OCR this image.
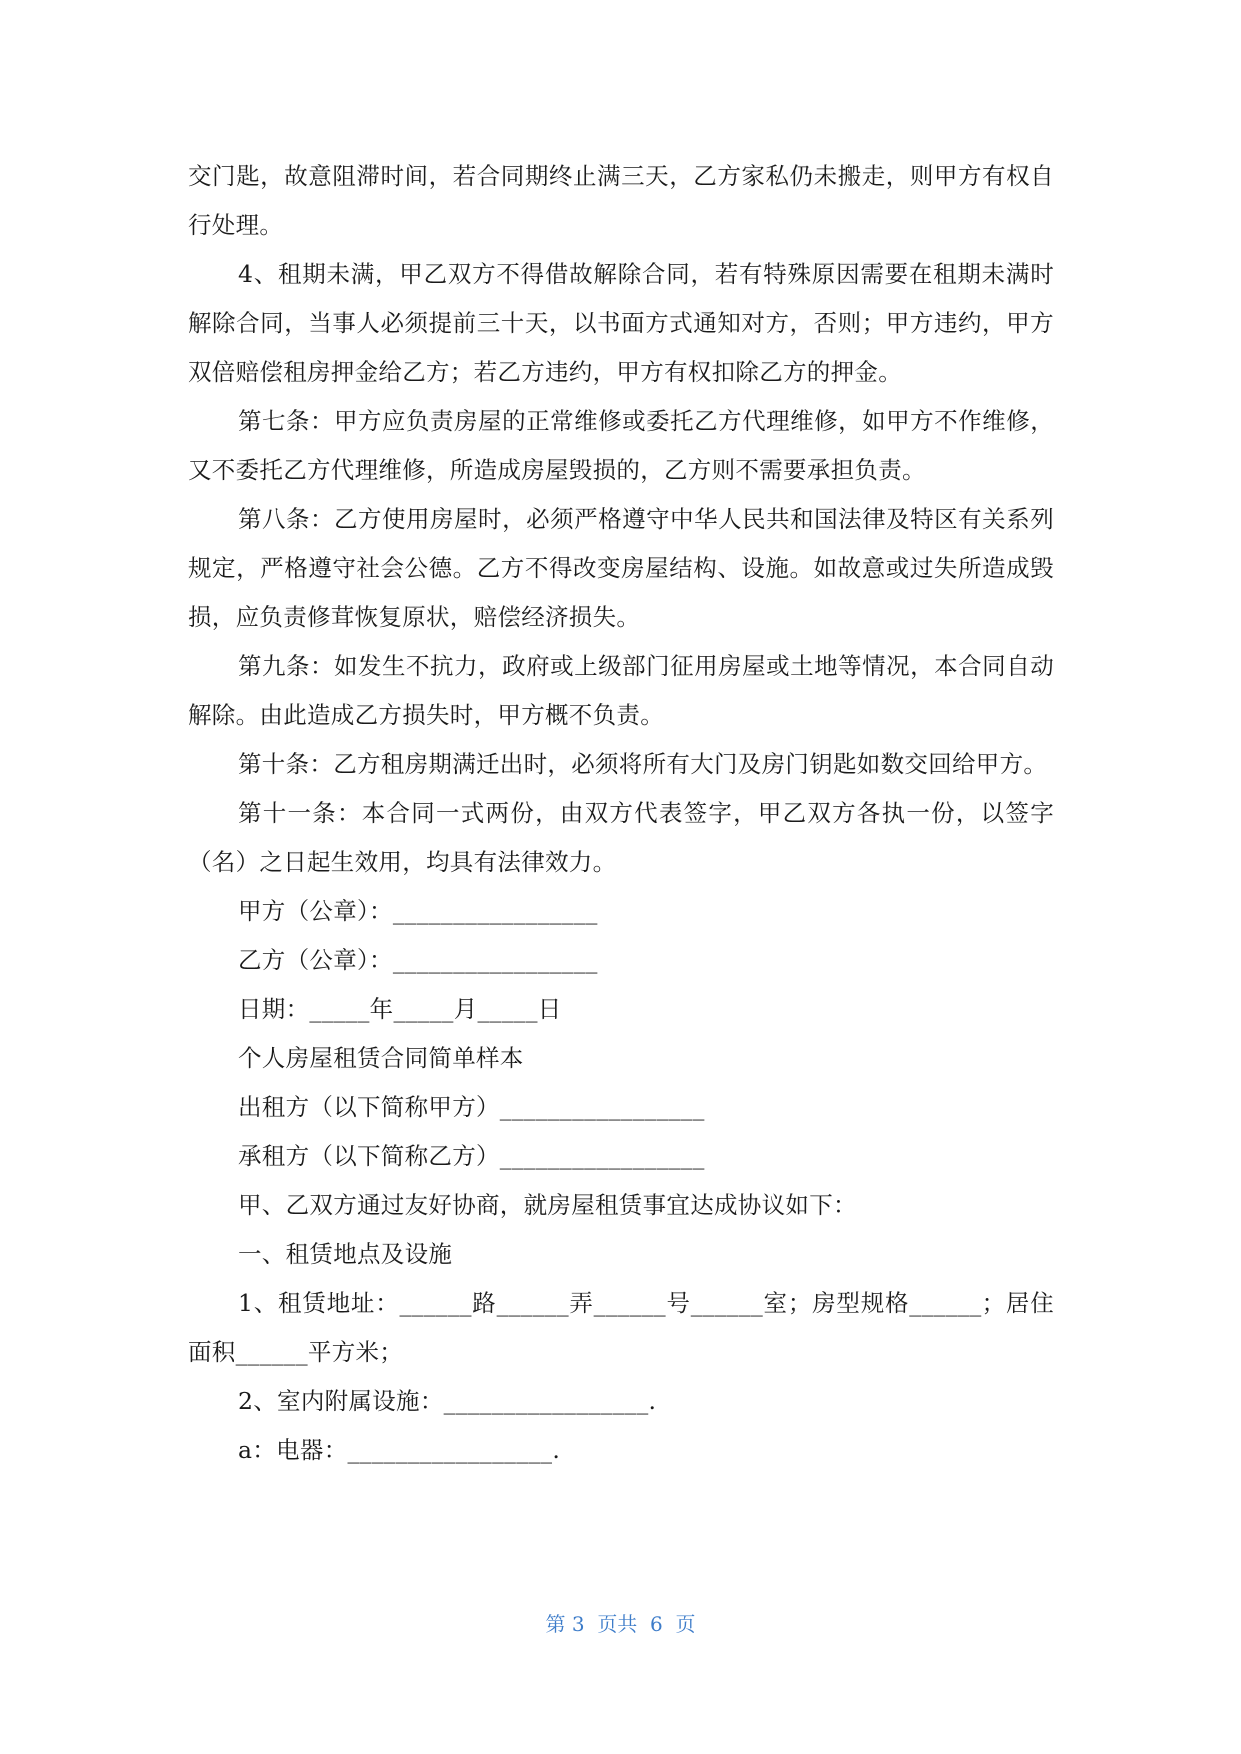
交门匙，故意阻滞时间，若合同期终止满三天，乙方家私仍未搬走，则甲方有权自行处理。

4、租期未满，甲乙双方不得借故解除合同，若有特殊原因需要在租期未满时解除合同，当事人必须提前三十天，以书面方式通知对方，否则；甲方违约，甲方双倍赔偿租房押金给乙方；若乙方违约，甲方有权扣除乙方的押金。

第七条：甲方应负责房屋的正常维修或委托乙方代理维修，如甲方不作维修，又不委托乙方代理维修，所造成房屋毁损的，乙方则不需要承担负责。

第八条：乙方使用房屋时，必须严格遵守中华人民共和国法律及特区有关系列规定，严格遵守社会公德。乙方不得改变房屋结构、设施。如故意或过失所造成毁损，应负责修茸恢复原状，赔偿经济损失。

第九条：如发生不抗力，政府或上级部门征用房屋或土地等情况，本合同自动解除。由此造成乙方损失时，甲方概不负责。

第十条：乙方租房期满迁出时，必须将所有大门及房门钥匙如数交回给甲方。

第十一条：本合同一式两份，由双方代表签字，甲乙双方各执一份，以签字（名）之日起生效用，均具有法律效力。

甲方（公章）：_________________

乙方（公章）：_________________

日期：_____年_____月_____日

个人房屋租赁合同简单样本

出租方（以下简称甲方）_________________

承租方（以下简称乙方）_________________

甲、乙双方通过友好协商，就房屋租赁事宜达成协议如下：

一、租赁地点及设施

1、租赁地址：______路______弄______号______室；房型规格______；居住面积______平方米；

2、室内附属设施：_________________.

a：电器：_________________.

第 3 页共 6 页
